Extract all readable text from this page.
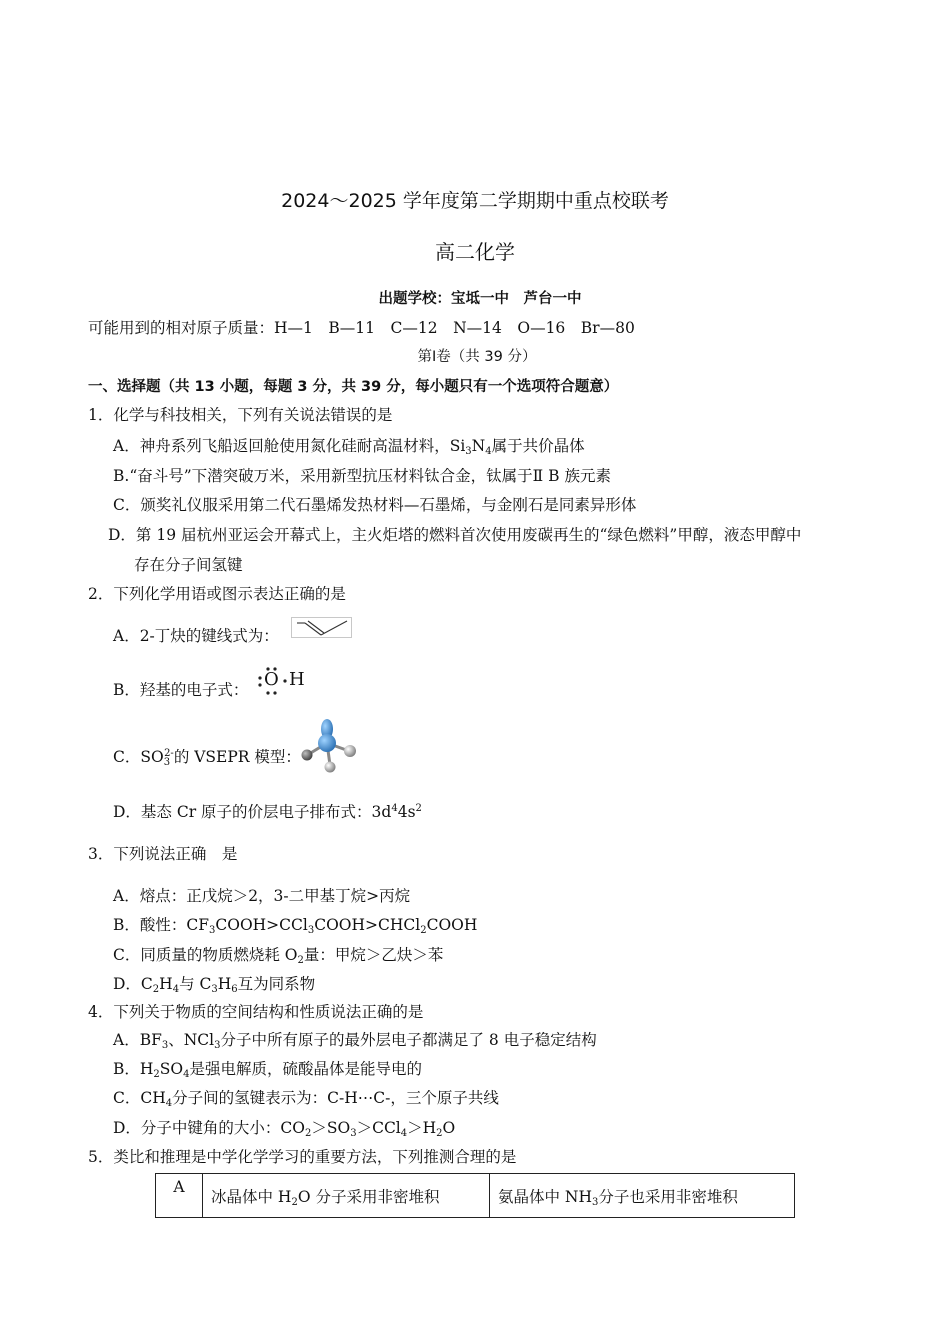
2024～2025 学年度第二学期期中重点校联考
高二化学
出题学校：宝坻一中　芦台一中
可能用到的相对原子质量：H—1　B—11　C—12　N—14　O—16　Br—80
第Ⅰ卷（共 39 分）
一、选择题（共 13 小题，每题 3 分，共 39 分，每小题只有一个选项符合题意）
1．化学与科技相关，下列有关说法错误的是
A．神舟系列飞船返回舱使用氮化硅耐高温材料，$Si_3N_4$属于共价晶体
B.“奋斗号”下潜突破万米，采用新型抗压材料钛合金，钛属于Ⅱ B 族元素
C．颁奖礼仪服采用第二代石墨烯发热材料—石墨烯，与金刚石是同素异形体
D．第 19 届杭州亚运会开幕式上，主火炬塔的燃料首次使用废碳再生的“绿色燃料”甲醇，液态甲醇中
存在分子间氢键
2．下列化学用语或图示表达正确的是
A．2-丁炔的键线式为：
B．羟基的电子式： O H
C．$SO_3^{2-}$的 VSEPR 模型：
D．基态 Cr 原子的价层电子排布式：$3d^44s^2$
3．下列说法正确　是
A．熔点：正戊烷＞2，3-二甲基丁烷>丙烷
B．酸性：$CF_3COOH>CCl_3COOH>CHCl_2COOH$
C．同质量的物质燃烧耗 $O_2$量：甲烷＞乙炔＞苯
D．$C_2H_4$与 $C_3H_6$互为同系物
4．下列关于物质的空间结构和性质说法正确的是
A．$BF_3$、NCl$_3$分子中所有原子的最外层电子都满足了 8 电子稳定结构
B．$H_2SO_4$是强电解质，硫酸晶体是能导电的
C．$CH_4$分子间的氢键表示为：C-H⋯C-，三个原子共线
D．分子中键角的大小：$CO_2>SO_3>CCl_4>H_2O$
5．类比和推理是中学化学学习的重要方法，下列推测合理的是
A	冰晶体中 $H_2O$ 分子采用非密堆积	氨晶体中 $NH_3$分子也采用非密堆积
